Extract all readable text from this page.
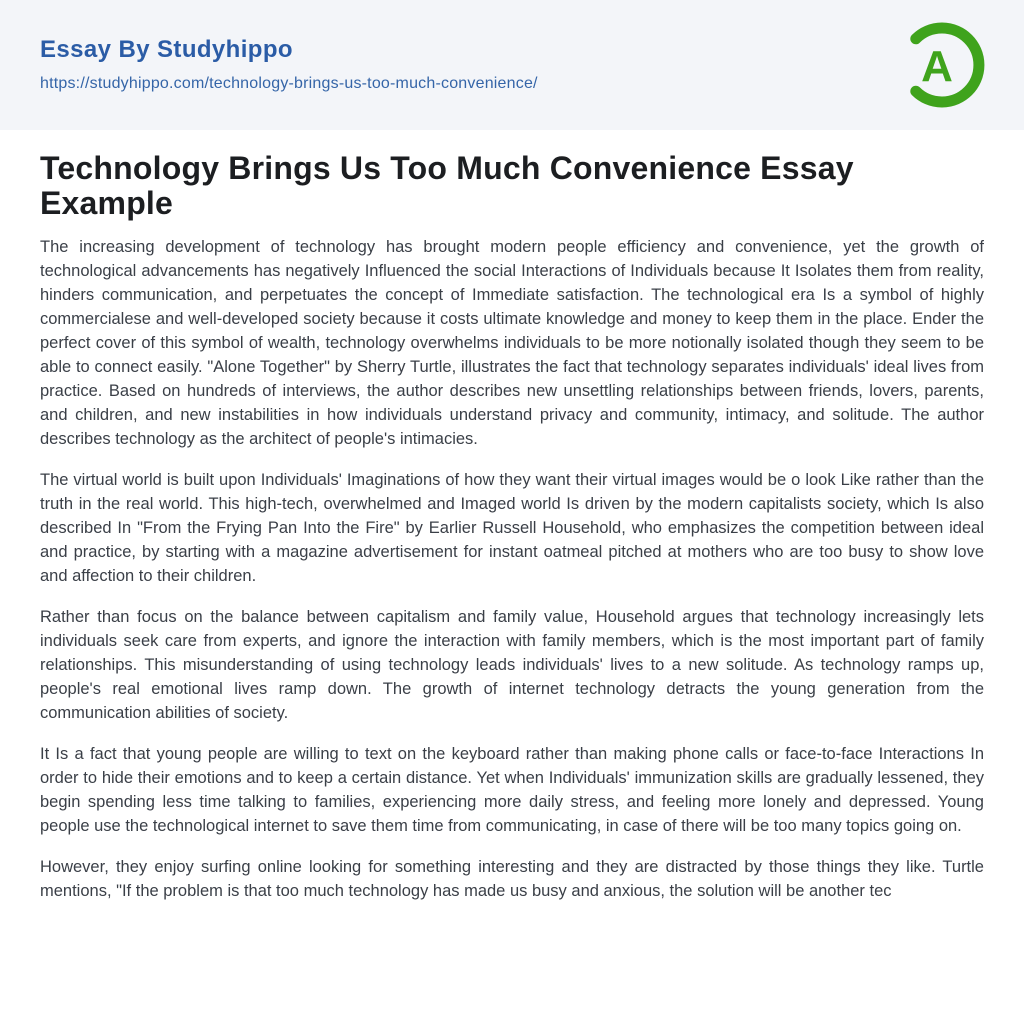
Essay By Studyhippo
https://studyhippo.com/technology-brings-us-too-much-convenience/	A
Technology Brings Us Too Much Convenience Essay Example

The increasing development of technology has brought modern people efficiency and convenience, yet the growth of technological advancements has negatively Influenced the social Interactions of Individuals because It Isolates them from reality, hinders communication, and perpetuates the concept of Immediate satisfaction. The technological era Is a symbol of highly commercialese and well-developed society because it costs ultimate knowledge and money to keep them in the place. Ender the perfect cover of this symbol of wealth, technology overwhelms individuals to be more notionally isolated though they seem to be able to connect easily. "Alone Together" by Sherry Turtle, illustrates the fact that technology separates individuals' ideal lives from practice. Based on hundreds of interviews, the author describes new unsettling relationships between friends, lovers, parents, and children, and new instabilities in how individuals understand privacy and community, intimacy, and solitude. The author describes technology as the architect of people's intimacies.

The virtual world is built upon Individuals' Imaginations of how they want their virtual images would be o look Like rather than the truth in the real world. This high-tech, overwhelmed and Imaged world Is driven by the modern capitalists society, which Is also described In "From the Frying Pan Into the Fire" by Earlier Russell Household, who emphasizes the competition between ideal and practice, by starting with a magazine advertisement for instant oatmeal pitched at mothers who are too busy to show love and affection to their children.

Rather than focus on the balance between capitalism and family value, Household argues that technology increasingly lets individuals seek care from experts, and ignore the interaction with family members, which is the most important part of family relationships. This misunderstanding of using technology leads individuals' lives to a new solitude. As technology ramps up, people's real emotional lives ramp down. The growth of internet technology detracts the young generation from the communication abilities of society.

It Is a fact that young people are willing to text on the keyboard rather than making phone calls or face-to-face Interactions In order to hide their emotions and to keep a certain distance. Yet when Individuals' immunization skills are gradually lessened, they begin spending less time talking to families, experiencing more daily stress, and feeling more lonely and depressed. Young people use the technological internet to save them time from communicating, in case of there will be too many topics going on.

However, they enjoy surfing online looking for something interesting and they are distracted by those things they like. Turtle mentions, "If the problem is that too much technology has made us busy and anxious, the solution will be another tec
